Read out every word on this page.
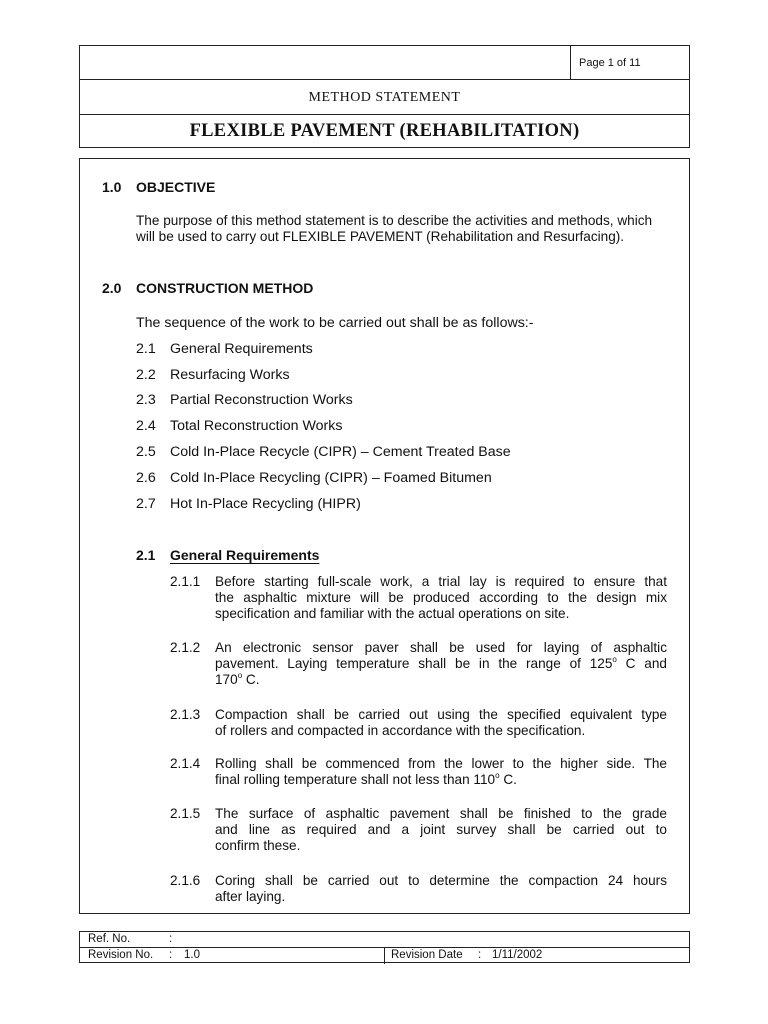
Page 1 of 11
METHOD STATEMENT
FLEXIBLE PAVEMENT (REHABILITATION)
1.0 OBJECTIVE
The purpose of this method statement is to describe the activities and methods, which
will be used to carry out FLEXIBLE PAVEMENT (Rehabilitation and Resurfacing).
2.0 CONSTRUCTION METHOD
The sequence of the work to be carried out shall be as follows:-
2.1 General Requirements
2.2 Resurfacing Works
2.3 Partial Reconstruction Works
2.4 Total Reconstruction Works
2.5 Cold In-Place Recycle (CIPR) – Cement Treated Base
2.6 Cold In-Place Recycling (CIPR) – Foamed Bitumen
2.7 Hot In-Place Recycling (HIPR)
2.1 General Requirements
2.1.1 Before starting full-scale work, a trial lay is required to ensure that
the asphaltic mixture will be produced according to the design mix
specification and familiar with the actual operations on site.
2.1.2 An electronic sensor paver shall be used for laying of asphaltic
pavement. Laying temperature shall be in the range of 125$^o$ C and
170$^o$ C.
2.1.3 Compaction shall be carried out using the specified equivalent type
of rollers and compacted in accordance with the specification.
2.1.4 Rolling shall be commenced from the lower to the higher side. The
final rolling temperature shall not less than 110$^o$ C.
2.1.5 The surface of asphaltic pavement shall be finished to the grade
and line as required and a joint survey shall be carried out to
confirm these.
2.1.6 Coring shall be carried out to determine the compaction 24 hours
after laying.
Ref. No.	:
Revision No. : 1.0	Revision Date : 1/11/2002
